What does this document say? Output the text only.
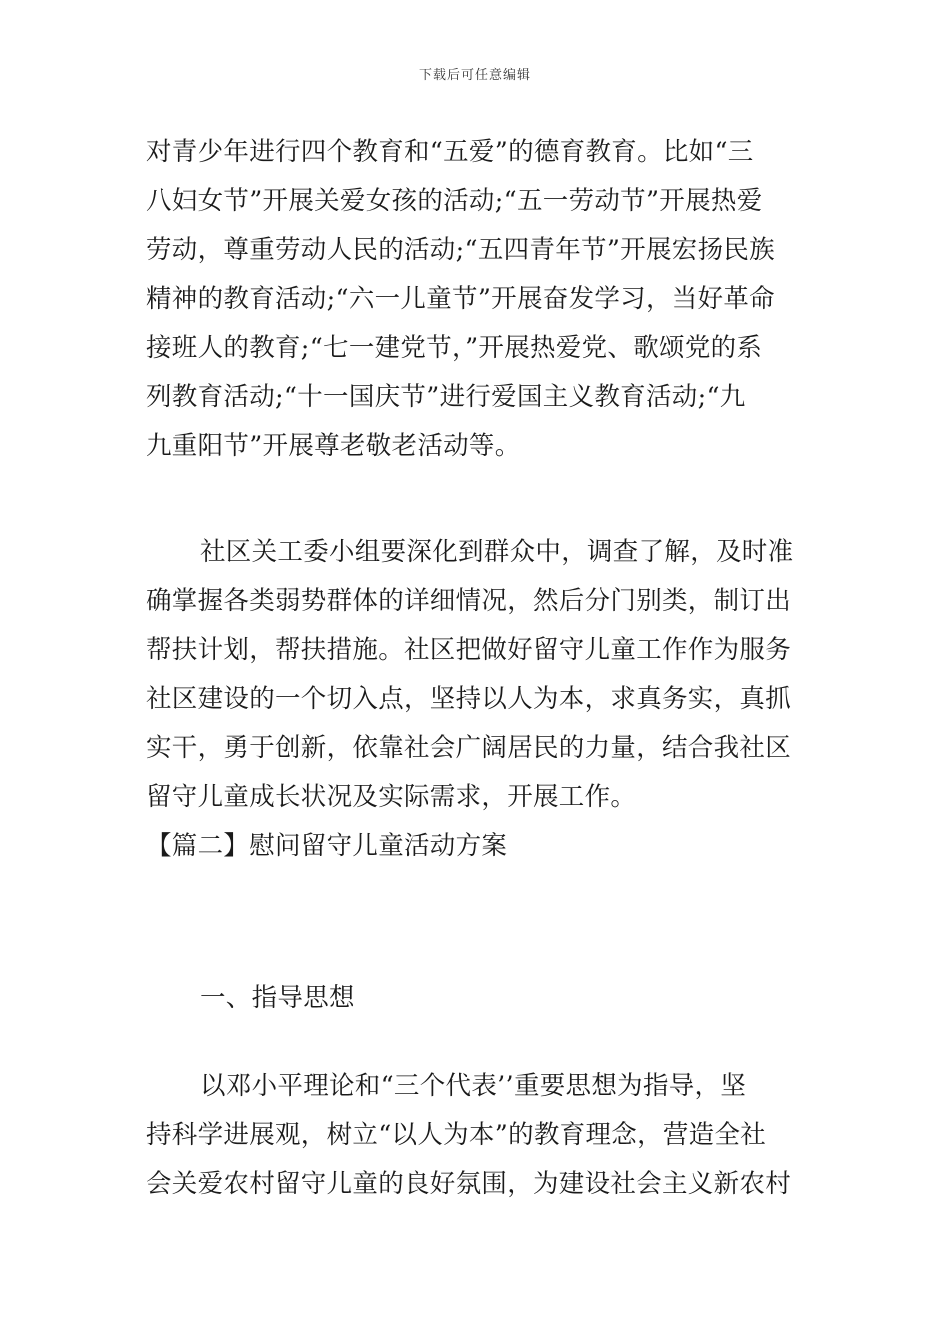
下载后可任意编辑
对青少年进行四个教育和“五爱”的德育教育。比如“三
八妇女节”开展关爱女孩的活动;“五一劳动节”开展热爱
劳动，尊重劳动人民的活动;“五四青年节”开展宏扬民族
精神的教育活动;“六一儿童节”开展奋发学习，当好革命
接班人的教育;“七一建党节，”开展热爱党、歌颂党的系
列教育活动;“十一国庆节”进行爱国主义教育活动;“九
九重阳节”开展尊老敬老活动等。
社区关工委小组要深化到群众中，调查了解，及时准
确掌握各类弱势群体的详细情况，然后分门别类，制订出
帮扶计划，帮扶措施。社区把做好留守儿童工作作为服务
社区建设的一个切入点，坚持以人为本，求真务实，真抓
实干，勇于创新，依靠社会广阔居民的力量，结合我社区
留守儿童成长状况及实际需求，开展工作。
【篇二】慰问留守儿童活动方案
一、指导思想
以邓小平理论和“三个代表’’重要思想为指导，坚
持科学进展观，树立“以人为本”的教育理念，营造全社
会关爱农村留守儿童的良好氛围，为建设社会主义新农村
